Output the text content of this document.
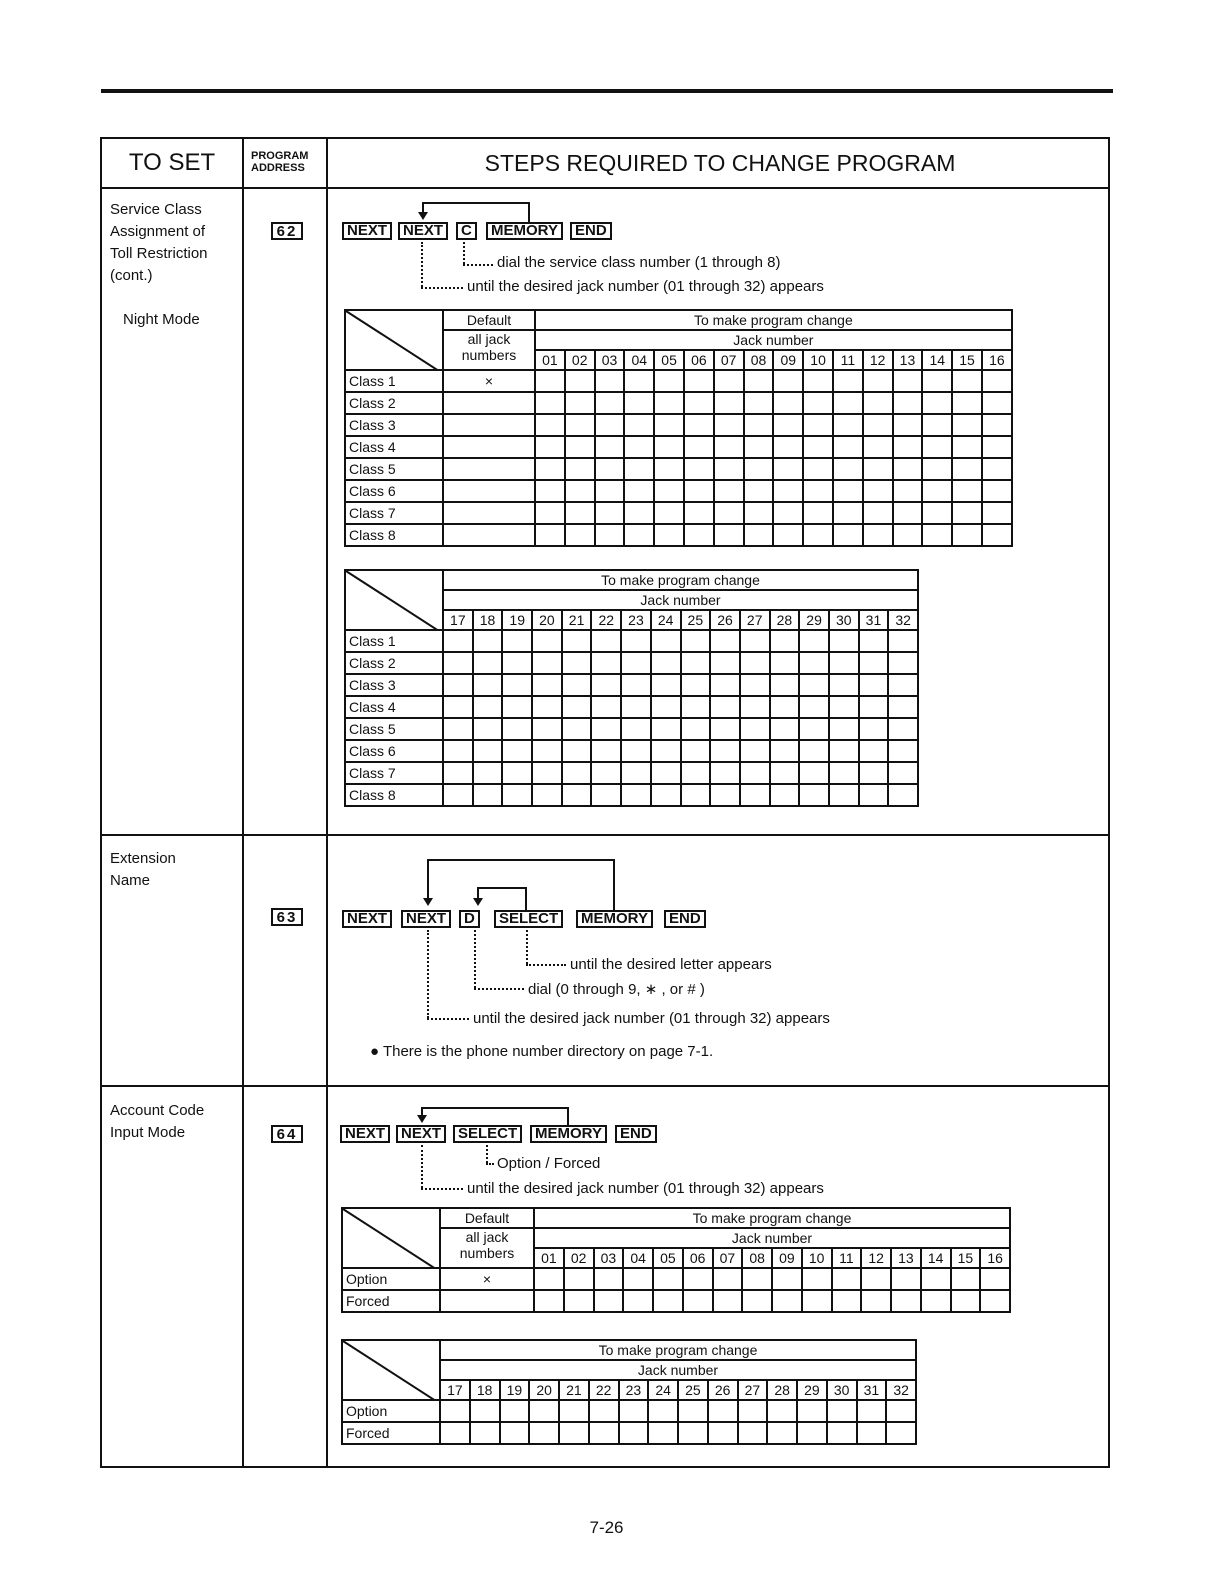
TO SET	PROGRAM ADDRESS	STEPS REQUIRED TO CHANGE PROGRAM
Service Class
Assignment of
Toll Restriction
(cont.)
Night Mode
62	NEXT	NEXT	C	MEMORY	END
dial the service class number (1 through 8)
until the desired jack number (01 through 32) appears
	Default	To make program change															
	all jack numbers	Jack number															
		01	02	03	04	05	06	07	08	09	10	11	12	13	14	15	16
Class 1	×																
Class 2																	
Class 3																	
Class 4																	
Class 5																	
Class 6																	
Class 7																	
Class 8																	
	To make program change															
	Jack number															
	17	18	19	20	21	22	23	24	25	26	27	28	29	30	31	32
Class 1																
Class 2																
Class 3																
Class 4																
Class 5																
Class 6																
Class 7																
Class 8																
Extension
Name
63	NEXT	NEXT	D	SELECT	MEMORY	END
until the desired letter appears
dial (0 through 9, ∗ , or # )
until the desired jack number (01 through 32) appears
● There is the phone number directory on page 7-1.
Account Code
Input Mode	64	NEXT	NEXT	SELECT	MEMORY	END
Option / Forced
until the desired jack number (01 through 32) appears
	Default	To make program change															
	all jack numbers	Jack number															
		01	02	03	04	05	06	07	08	09	10	11	12	13	14	15	16
Option	×																
Forced																	
	To make program change															
	Jack number															
	17	18	19	20	21	22	23	24	25	26	27	28	29	30	31	32
Option																
Forced																
7-26
